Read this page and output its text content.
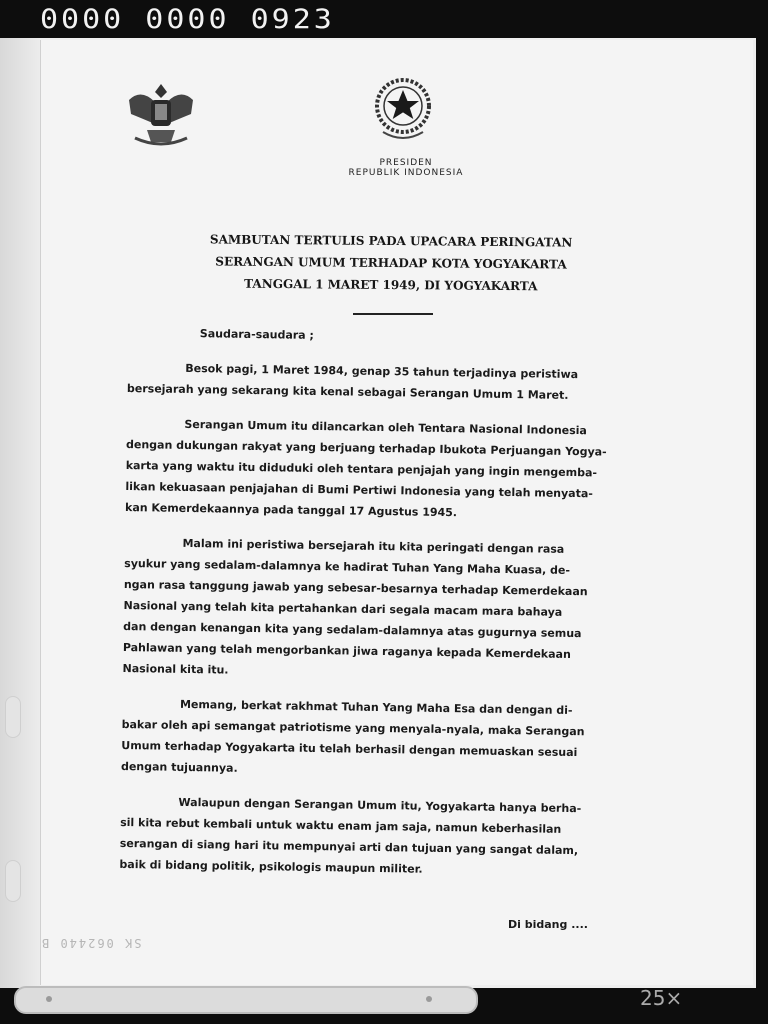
0000 0000 0923
PRESIDEN
REPUBLIK INDONESIA
SAMBUTAN TERTULIS PADA UPACARA PERINGATAN
SERANGAN UMUM TERHADAP KOTA YOGYAKARTA
TANGGAL 1 MARET 1949, DI YOGYAKARTA
Saudara-saudara ;
Besok pagi, 1 Maret 1984, genap 35 tahun terjadinya peristiwa
bersejarah yang sekarang kita kenal sebagai Serangan Umum 1 Maret.
Serangan Umum itu dilancarkan oleh Tentara Nasional Indonesia
dengan dukungan rakyat yang berjuang terhadap Ibukota Perjuangan Yogya-
karta yang waktu itu diduduki oleh tentara penjajah yang ingin mengemba-
likan kekuasaan penjajahan di Bumi Pertiwi Indonesia yang telah menyata-
kan Kemerdekaannya pada tanggal 17 Agustus 1945.
Malam ini peristiwa bersejarah itu kita peringati dengan rasa
syukur yang sedalam-dalamnya ke hadirat Tuhan Yang Maha Kuasa, de-
ngan rasa tanggung jawab yang sebesar-besarnya terhadap Kemerdekaan
Nasional yang telah kita pertahankan dari segala macam mara bahaya
dan dengan kenangan kita yang sedalam-dalamnya atas gugurnya semua
Pahlawan yang telah mengorbankan jiwa raganya kepada Kemerdekaan
Nasional kita itu.
Memang, berkat rakhmat Tuhan Yang Maha Esa dan dengan di-
bakar oleh api semangat patriotisme yang menyala-nyala, maka Serangan
Umum terhadap Yogyakarta itu telah berhasil dengan memuaskan sesuai
dengan tujuannya.
Walaupun dengan Serangan Umum itu, Yogyakarta hanya berha-
sil kita rebut kembali untuk waktu enam jam saja, namun keberhasilan
serangan di siang hari itu mempunyai arti dan tujuan yang sangat dalam,
baik di bidang politik, psikologis maupun militer.
Di bidang ....
SK 062440 B
25×
